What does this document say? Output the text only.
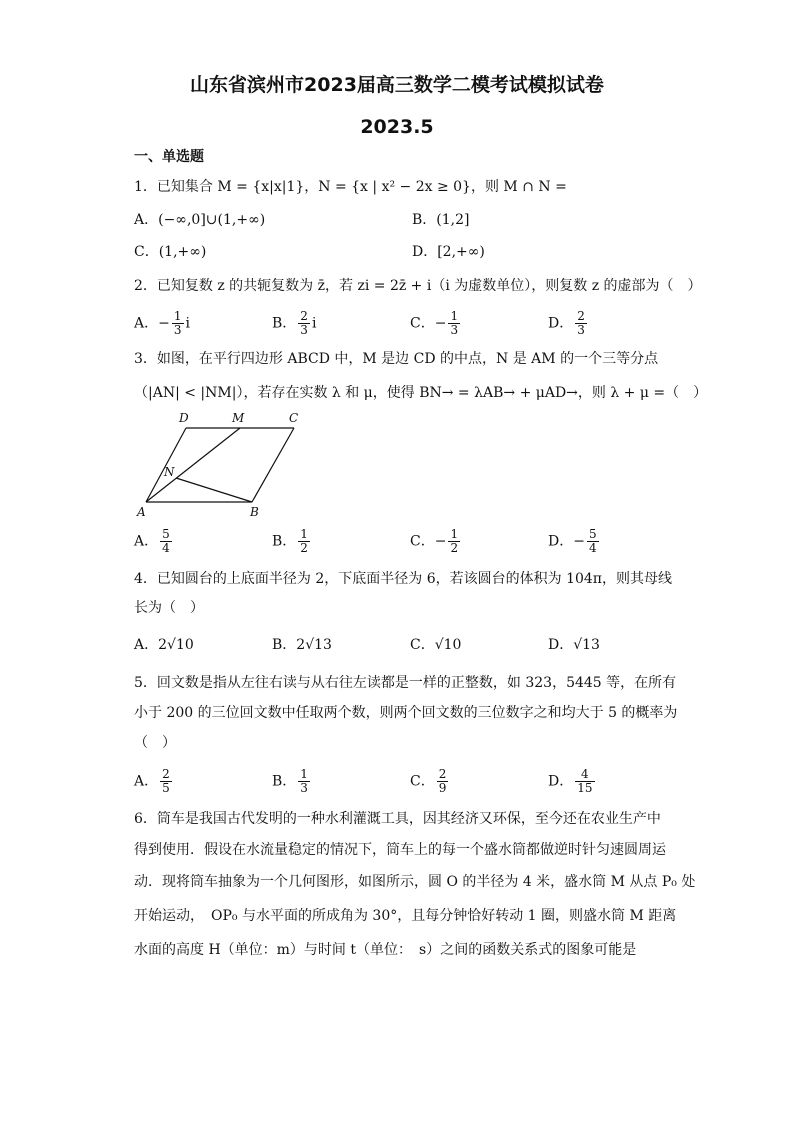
山东省滨州市2023届高三数学二模考试模拟试卷
2023.5
一、单选题
1．已知集合 M = {x|x|1}，N = {x | x² − 2x ≥ 0}，则 M ∩ N =
A．(−∞,0]∪(1,+∞)	B．(1,2]
C．(1,+∞)	D．[2,+∞)
2．已知复数 z 的共轭复数为 z̄，若 zi = 2z̄ + i（i 为虚数单位），则复数 z 的虚部为（　）
A．− $\frac{1}{3}$ i	B． $\frac{2}{3}$ i	C．− $\frac{1}{3}$	D． $\frac{2}{3}$
3．如图，在平行四边形 ABCD 中，M 是边 CD 的中点，N 是 AM 的一个三等分点
（|AN| < |NM|），若存在实数 λ 和 μ，使得 BN→ = λAB→ + μAD→，则 λ + μ =（　）
A	B
C
D	M
N
A． $\frac{5}{4}$	B． $\frac{1}{2}$	C．− $\frac{1}{2}$	D．− $\frac{5}{4}$
4．已知圆台的上底面半径为 2，下底面半径为 6，若该圆台的体积为 104π，则其母线
长为（　）
A．2√10	B．2√13	C．√10	D．√13
5．回文数是指从左往右读与从右往左读都是一样的正整数，如 323，5445 等，在所有
小于 200 的三位回文数中任取两个数，则两个回文数的三位数字之和均大于 5 的概率为
（　）
A． $\frac{2}{5}$	B． $\frac{1}{3}$	C． $\frac{2}{9}$	D． $\frac{4}{15}$
6．筒车是我国古代发明的一种水利灌溉工具，因其经济又环保，至今还在农业生产中
得到使用．假设在水流量稳定的情况下，筒车上的每一个盛水筒都做逆时针匀速圆周运
动．现将筒车抽象为一个几何图形，如图所示，圆 O 的半径为 4 米，盛水筒 M 从点 P₀ 处
开始运动，　OP₀ 与水平面的所成角为 30°，且每分钟恰好转动 1 圈，则盛水筒 M 距离
水面的高度 H（单位：m）与时间 t（单位：　s）之间的函数关系式的图象可能是
